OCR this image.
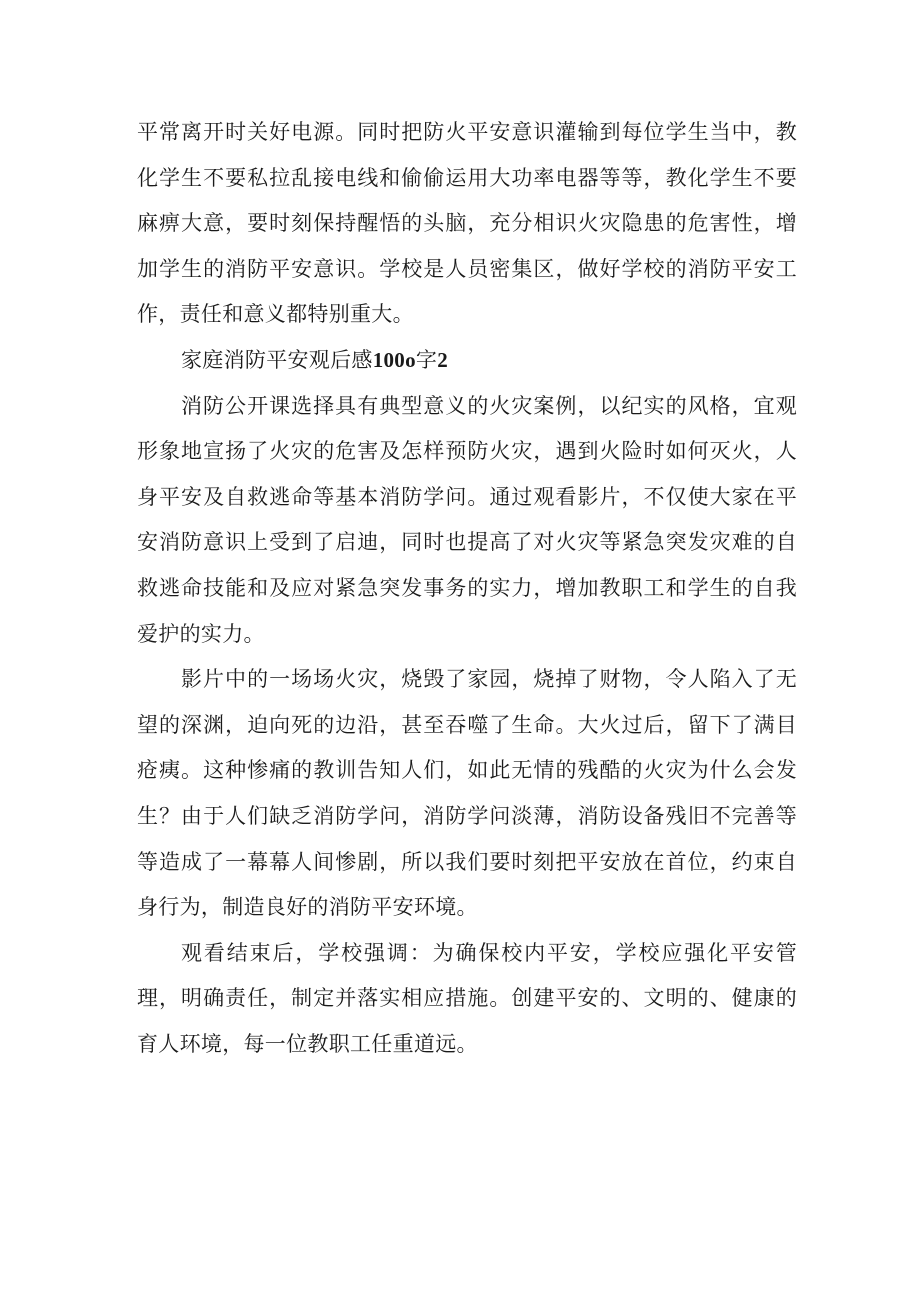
平常离开时关好电源。同时把防火平安意识灌输到每位学生当中，教化学生不要私拉乱接电线和偷偷运用大功率电器等等，教化学生不要麻痹大意，要时刻保持醒悟的头脑，充分相识火灾隐患的危害性，增加学生的消防平安意识。学校是人员密集区，做好学校的消防平安工作，责任和意义都特别重大。

家庭消防平安观后感100o字2

消防公开课选择具有典型意义的火灾案例，以纪实的风格，宜观形象地宣扬了火灾的危害及怎样预防火灾，遇到火险时如何灭火，人身平安及自救逃命等基本消防学问。通过观看影片，不仅使大家在平安消防意识上受到了启迪，同时也提高了对火灾等紧急突发灾难的自救逃命技能和及应对紧急突发事务的实力，增加教职工和学生的自我爱护的实力。

影片中的一场场火灾，烧毁了家园，烧掉了财物，令人陷入了无望的深渊，迫向死的边沿，甚至吞噬了生命。大火过后，留下了满目疮痍。这种惨痛的教训告知人们，如此无情的残酷的火灾为什么会发生？由于人们缺乏消防学问，消防学问淡薄，消防设备残旧不完善等等造成了一幕幕人间惨剧，所以我们要时刻把平安放在首位，约束自身行为，制造良好的消防平安环境。

观看结束后，学校强调：为确保校内平安，学校应强化平安管理，明确责任，制定并落实相应措施。创建平安的、文明的、健康的育人环境，每一位教职工任重道远。
